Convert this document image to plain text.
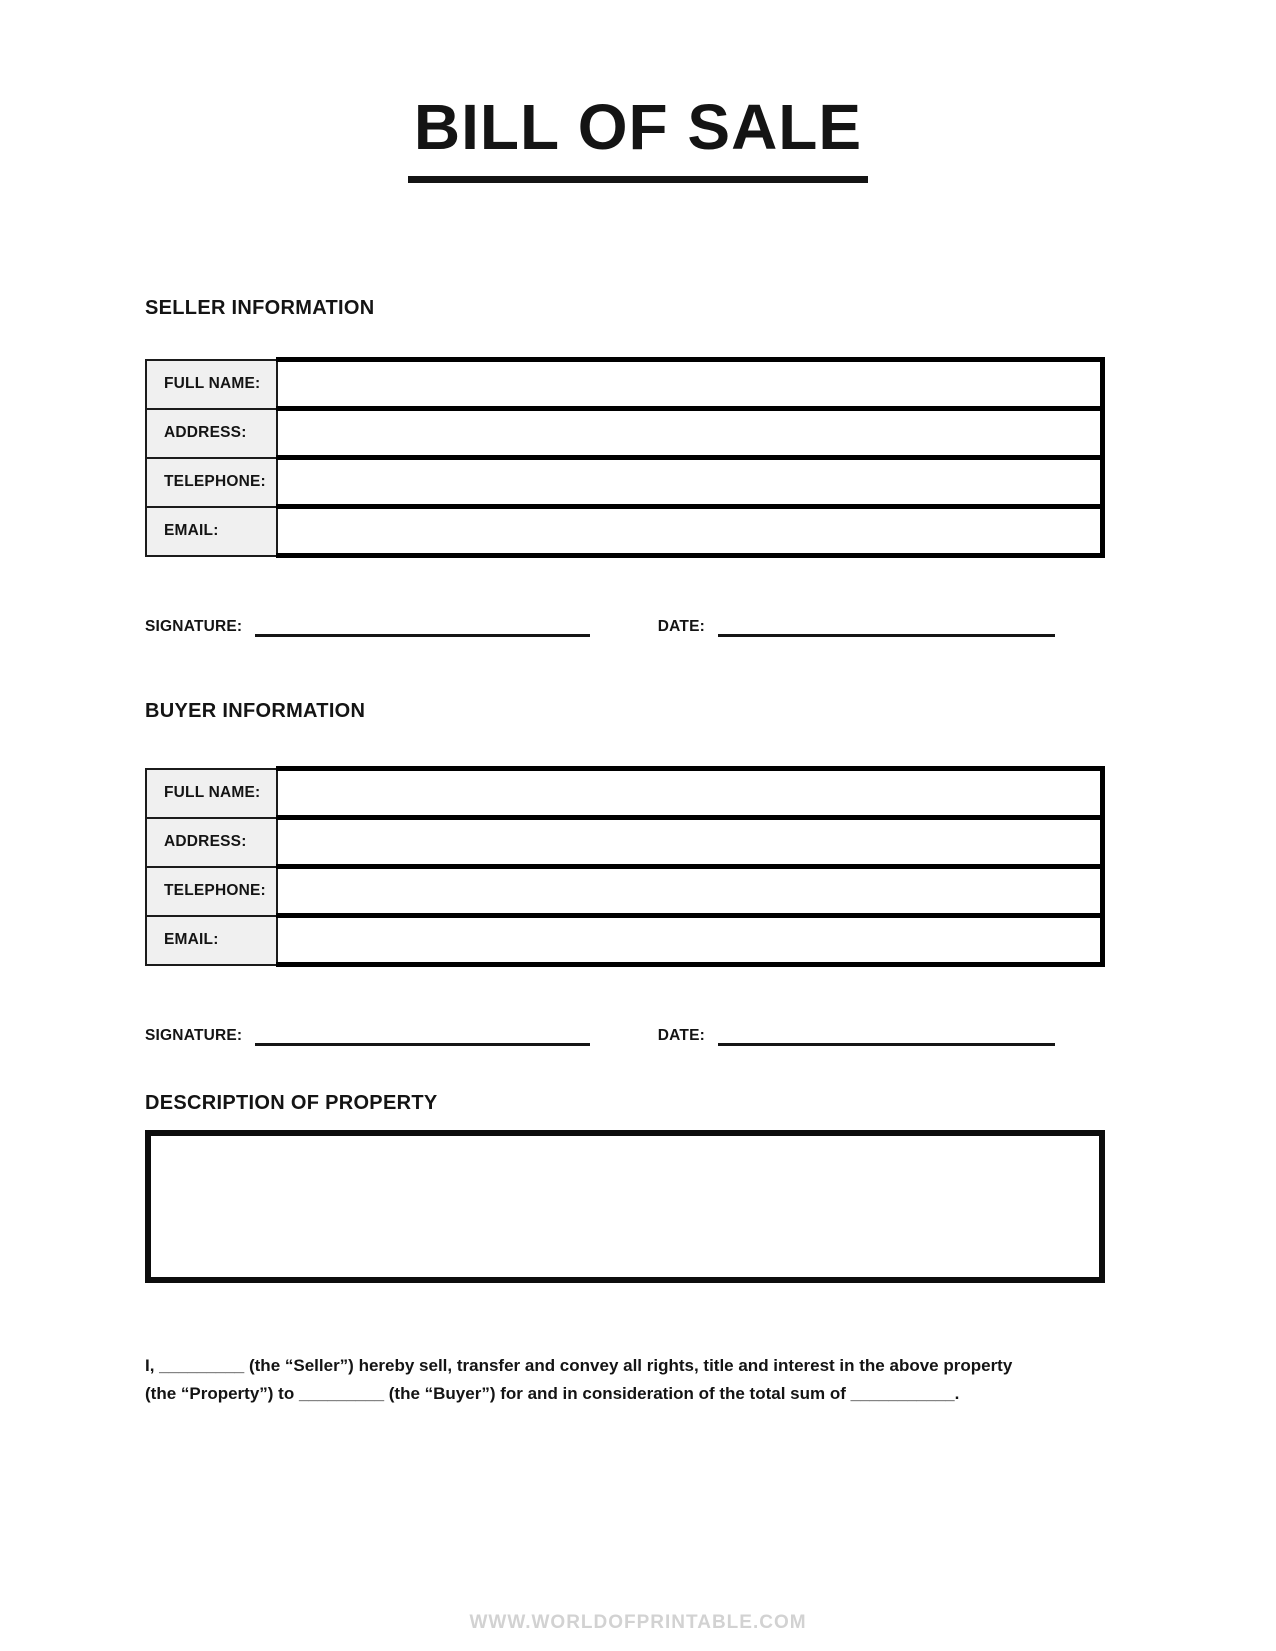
BILL OF SALE
SELLER INFORMATION
FULL NAME:	
ADDRESS:	
TELEPHONE:	
EMAIL:	
SIGNATURE:	DATE:
BUYER INFORMATION
FULL NAME:	
ADDRESS:	
TELEPHONE:	
EMAIL:	
SIGNATURE:	DATE:
DESCRIPTION OF PROPERTY
I, _________ (the “Seller”) hereby sell, transfer and convey all rights, title and interest in the above property
(the “Property”) to _________ (the “Buyer”) for and in consideration of the total sum of ___________.
WWW.WORLDOFPRINTABLE.COM
